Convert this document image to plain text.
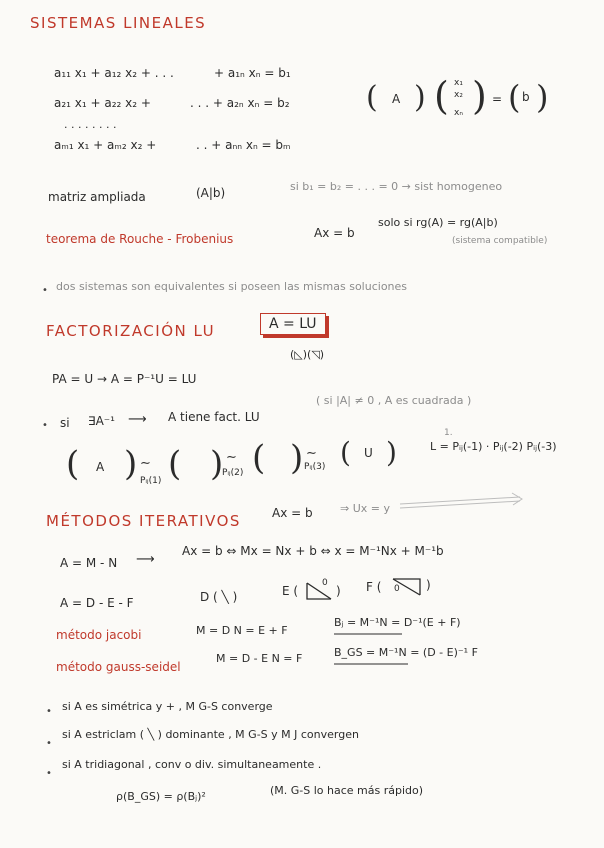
SISTEMAS LINEALES
a₁₁ x₁ + a₁₂ x₂ + . . .	+ a₁ₙ xₙ = b₁
a₂₁ x₁ + a₂₂ x₂ +	. . . + a₂ₙ xₙ = b₂
. . . . . . . .
aₘ₁ x₁ + aₘ₂ x₂ +	. . + aₙₙ xₙ = bₘ
( A ) ( x₁
x₂
xₙ ) = ( b )
matriz ampliada	(A|b)	si b₁ = b₂ = . . . = 0 → sist homogeneo
teorema de Rouche - Frobenius	Ax = b
solo si rg(A) = rg(A|b)
(sistema compatible)
• dos sistemas son equivalentes si poseen las mismas soluciones
FACTORIZACIÓN LU	A = LU
(◺)(◹)
PA = U → A = P⁻¹U = LU
• si ∃A⁻¹ ⟶ A tiene fact. LU
( si |A| ≠ 0 , A es cuadrada )
( A ) ∼
Pᵢⱼ(1) ( ) ∼
Pᵢⱼ(2) ( ) ∼
Pᵢⱼ(3) ( U )
1.
L = Pᵢⱼ(-1) · Pᵢⱼ(-2) Pᵢⱼ(-3)
MÉTODOS ITERATIVOS	Ax = b ⇒ Ux = y
A = M - N ⟶
Ax = b ⇔ Mx = Nx + b ⇔ x = M⁻¹Nx + M⁻¹b
A = D - E - F	D ( ╲ )	E (
0
) F ( 0 )
método jacobi	M = D N = E + F
Bⱼ = M⁻¹N = D⁻¹(E + F)
método gauss-seidel
M = D - E N = F	B_GS = M⁻¹N = (D - E)⁻¹ F
• si A es simétrica y + , M G-S converge
•
si A estriclam ( ╲ ) dominante , M G-S y M J convergen
•
si A tridiagonal , conv o div. simultaneamente .
ρ(B_GS) = ρ(Bⱼ)²	(M. G-S lo hace más rápido)
